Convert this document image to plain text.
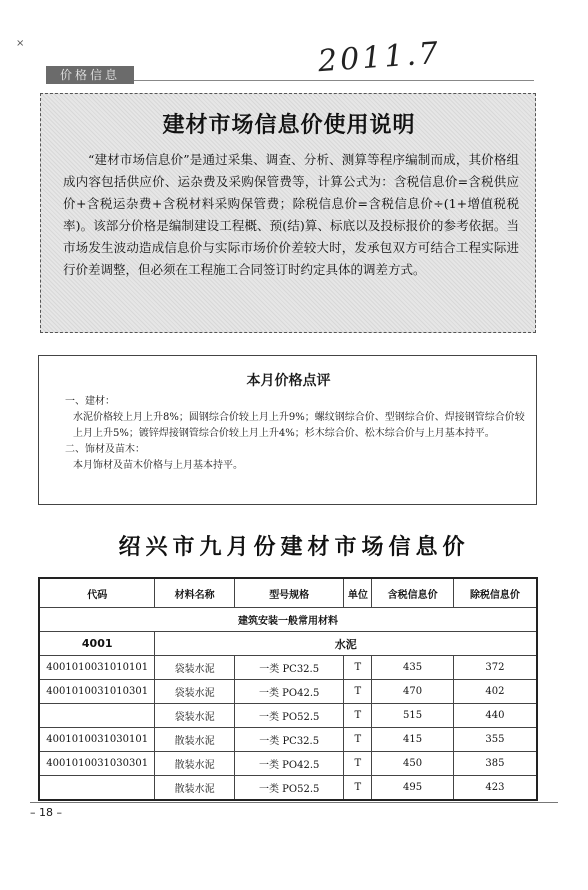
×	2011.7
价格信息
建材市场信息价使用说明
“建材市场信息价”是通过采集、调查、分析、测算等程序编制而成，其价格组成内容包括供应价、运杂费及采购保管费等，计算公式为：含税信息价=含税供应价+含税运杂费+含税材料采购保管费；除税信息价=含税信息价÷(1+增值税税率)。该部分价格是编制建设工程概、预(结)算、标底以及投标报价的参考依据。当市场发生波动造成信息价与实际市场价价差较大时，发承包双方可结合工程实际进行价差调整，但必须在工程施工合同签订时约定具体的调差方式。
本月价格点评

一、建材：

水泥价格较上月上升8%；圆钢综合价较上月上升9%；螺纹钢综合价、型钢综合价、焊接钢管综合价较上月上升5%；镀锌焊接钢管综合价较上月上升4%；杉木综合价、松木综合价与上月基本持平。

二、饰材及苗木：

本月饰材及苗木价格与上月基本持平。

绍兴市九月份建材市场信息价
代码	材料名称	型号规格	单位	含税信息价	除税信息价
建筑安装一般常用材料					
4001	水泥				
4001010031010101	袋装水泥	一类 PC32.5	T	435	372
4001010031010301	袋装水泥	一类 PO42.5	T	470	402
	袋装水泥	一类 PO52.5	T	515	440
4001010031030101	散装水泥	一类 PC32.5	T	415	355
4001010031030301	散装水泥	一类 PO42.5	T	450	385
	散装水泥	一类 PO52.5	T	495	423
– 18 –
